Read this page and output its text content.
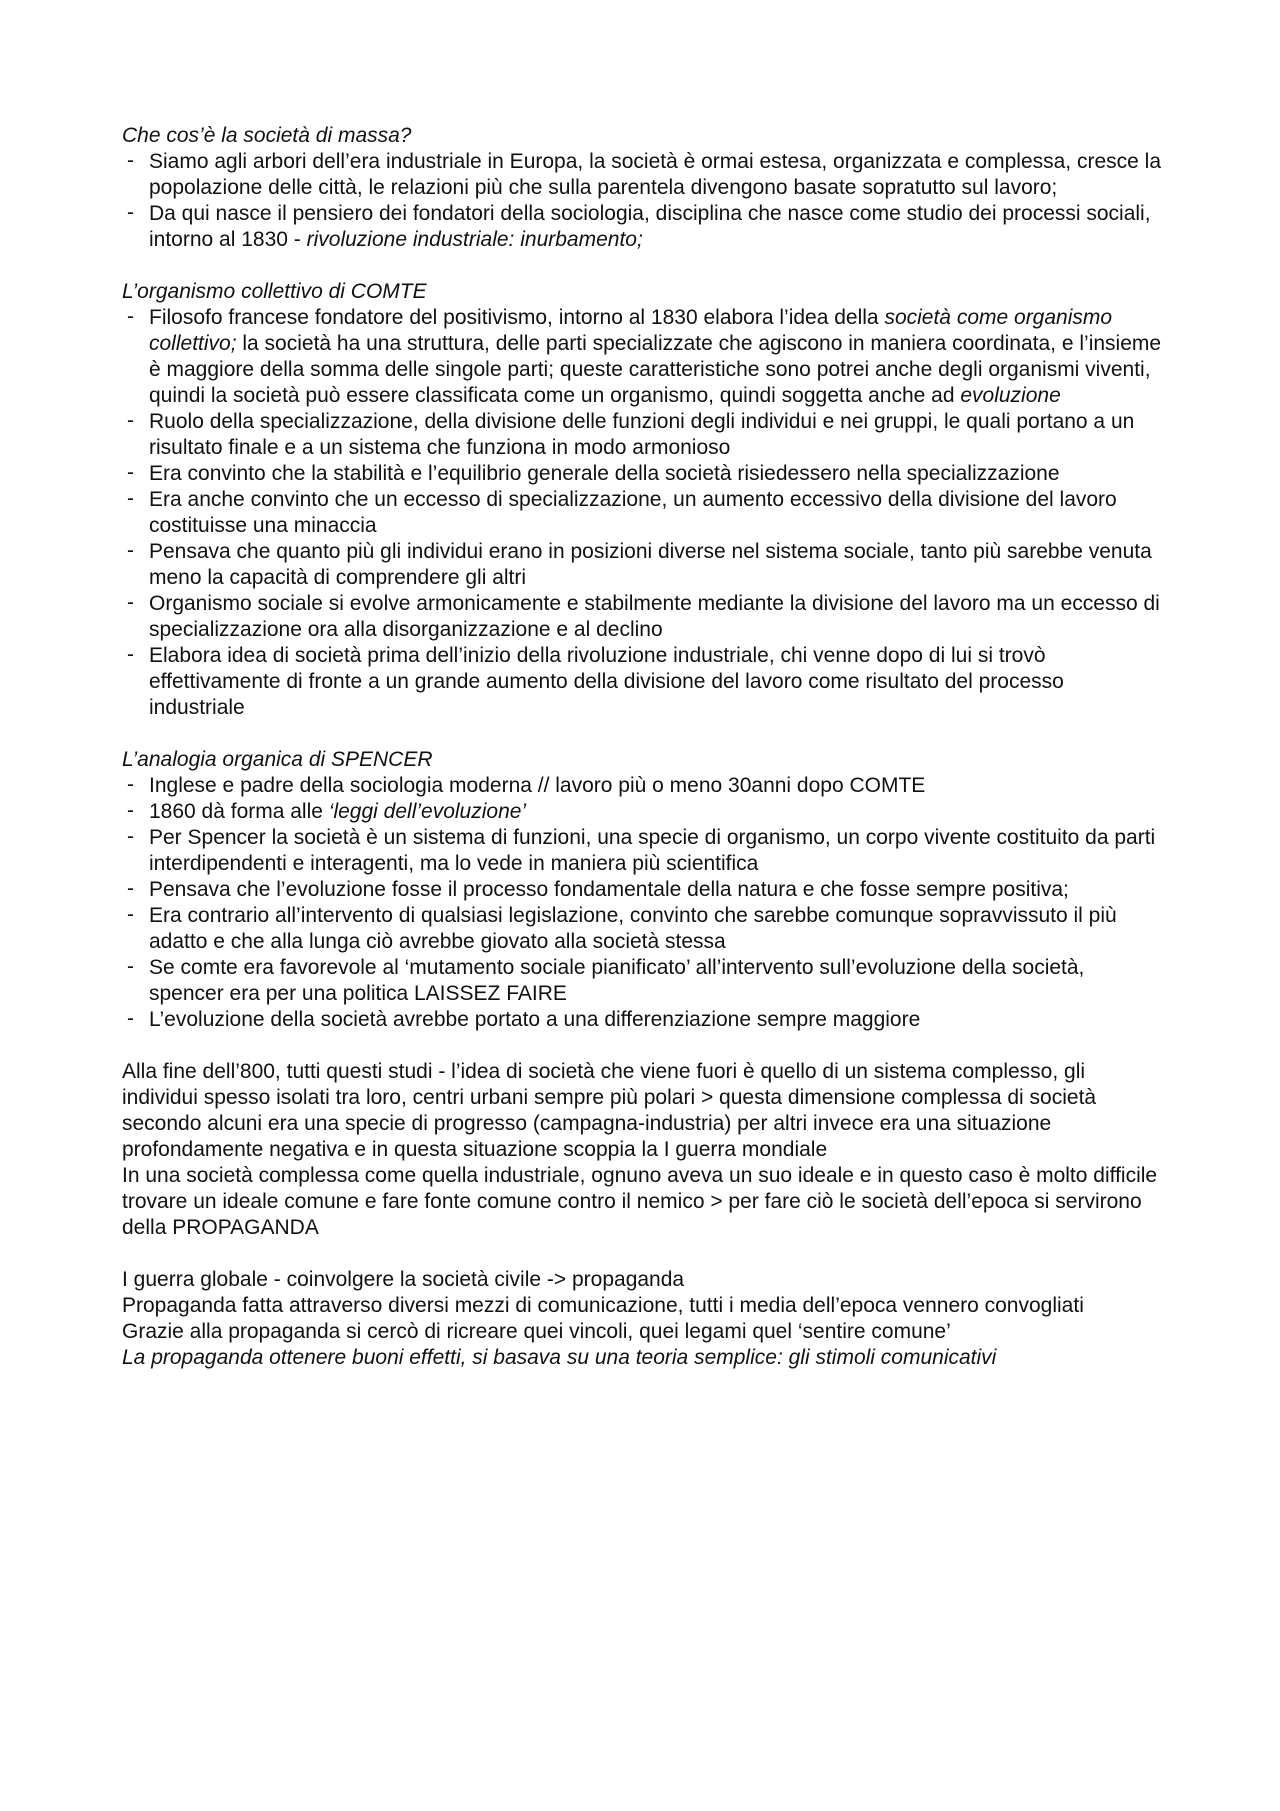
Che cos’è la società di massa?

- Siamo agli arbori dell’era industriale in Europa, la società è ormai estesa, organizzata e complessa, cresce la popolazione delle città, le relazioni più che sulla parentela divengono basate sopratutto sul lavoro;
- Da qui nasce il pensiero dei fondatori della sociologia, disciplina che nasce come studio dei processi sociali, intorno al 1830 - rivoluzione industriale: inurbamento;

L’organismo collettivo di COMTE

- Filosofo francese fondatore del positivismo, intorno al 1830 elabora l’idea della società come organismo collettivo; la società ha una struttura, delle parti specializzate che agiscono in maniera coordinata, e l’insieme è maggiore della somma delle singole parti; queste caratteristiche sono potrei anche degli organismi viventi, quindi la società può essere classificata come un organismo, quindi soggetta anche ad evoluzione
- Ruolo della specializzazione, della divisione delle funzioni degli individui e nei gruppi, le quali portano a un risultato finale e a un sistema che funziona in modo armonioso
- Era convinto che la stabilità e l’equilibrio generale della società risiedessero nella specializzazione
- Era anche convinto che un eccesso di specializzazione, un aumento eccessivo della divisione del lavoro costituisse una minaccia
- Pensava che quanto più gli individui erano in posizioni diverse nel sistema sociale, tanto più sarebbe venuta meno la capacità di comprendere gli altri
- Organismo sociale si evolve armonicamente e stabilmente mediante la divisione del lavoro ma un eccesso di specializzazione ora alla disorganizzazione e al declino
- Elabora idea di società prima dell’inizio della rivoluzione industriale, chi venne dopo di lui si trovò effettivamente di fronte a un grande aumento della divisione del lavoro come risultato del processo industriale

L’analogia organica di SPENCER

- Inglese e padre della sociologia moderna // lavoro più o meno 30anni dopo COMTE
- 1860 dà forma alle ‘leggi dell’evoluzione’
- Per Spencer la società è un sistema di funzioni, una specie di organismo, un corpo vivente costituito da parti interdipendenti e interagenti, ma lo vede in maniera più scientifica
- Pensava che l’evoluzione fosse il processo fondamentale della natura e che fosse sempre positiva;
- Era contrario all’intervento di qualsiasi legislazione, convinto che sarebbe comunque sopravvissuto il più adatto e che alla lunga ciò avrebbe giovato alla società stessa
- Se comte era favorevole al ‘mutamento sociale pianificato’ all’intervento sull’evoluzione della società, spencer era per una politica LAISSEZ FAIRE
- L’evoluzione della società avrebbe portato a una differenziazione sempre maggiore

Alla fine dell’800, tutti questi studi - l’idea di società che viene fuori è quello di un sistema complesso, gli individui spesso isolati tra loro, centri urbani sempre più polari > questa dimensione complessa di società secondo alcuni era una specie di progresso (campagna-industria) per altri invece era una situazione profondamente negativa e in questa situazione scoppia la I guerra mondiale

In una società complessa come quella industriale, ognuno aveva un suo ideale e in questo caso è molto difficile trovare un ideale comune e fare fonte comune contro il nemico > per fare ciò le società dell’epoca si servirono della PROPAGANDA

I guerra globale - coinvolgere la società civile -> propaganda

Propaganda fatta attraverso diversi mezzi di comunicazione, tutti i media dell’epoca vennero convogliati

Grazie alla propaganda si cercò di ricreare quei vincoli, quei legami quel ‘sentire comune’

La propaganda ottenere buoni effetti, si basava su una teoria semplice: gli stimoli comunicativi
